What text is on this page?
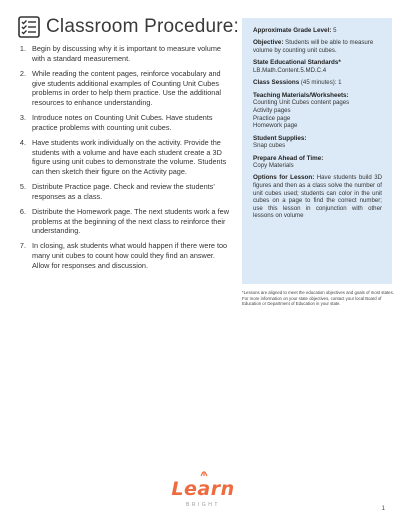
Classroom Procedure:
1. Begin by discussing why it is important to measure volume with a standard measurement.
2. While reading the content pages, reinforce vocabulary and give students additional examples of Counting Unit Cubes problems in order to help them practice. Use the additional resources to enhance understanding.
3. Introduce notes on Counting Unit Cubes. Have students practice problems with counting unit cubes.
4. Have students work individually on the activity. Provide the students with a volume and have each student create a 3D figure using unit cubes to demonstrate the volume. Students can then sketch their figure on the Activity page.
5. Distribute Practice page. Check and review the students’ responses as a class.
6. Distribute the Homework page. The next students work a few problems at the beginning of the next class to reinforce their understanding.
7. In closing, ask students what would happen if there were too many unit cubes to count how could they find an answer. Allow for responses and discussion.
Approximate Grade Level: 5
Objective: Students will be able to measure volume by counting unit cubes.
State Educational Standards*
LB.Math.Content.5.MD.C.4
Class Sessions (45 minutes): 1
Teaching Materials/Worksheets:
Counting Unit Cubes content pages
Activity pages
Practice page
Homework page
Student Supplies:
Snap cubes
Prepare Ahead of Time:
Copy Materials
Options for Lesson: Have students build 3D figures and then as a class solve the number of unit cubes used; students can color in the unit cubes on a page to find the correct number; use this lesson in conjunction with other lessons on volume
*Lessons are aligned to meet the education objectives and goals of most states. For more information on your state objectives, contact your local Board of Education or Department of Education in your state.
Learn
BRIGHT
1
